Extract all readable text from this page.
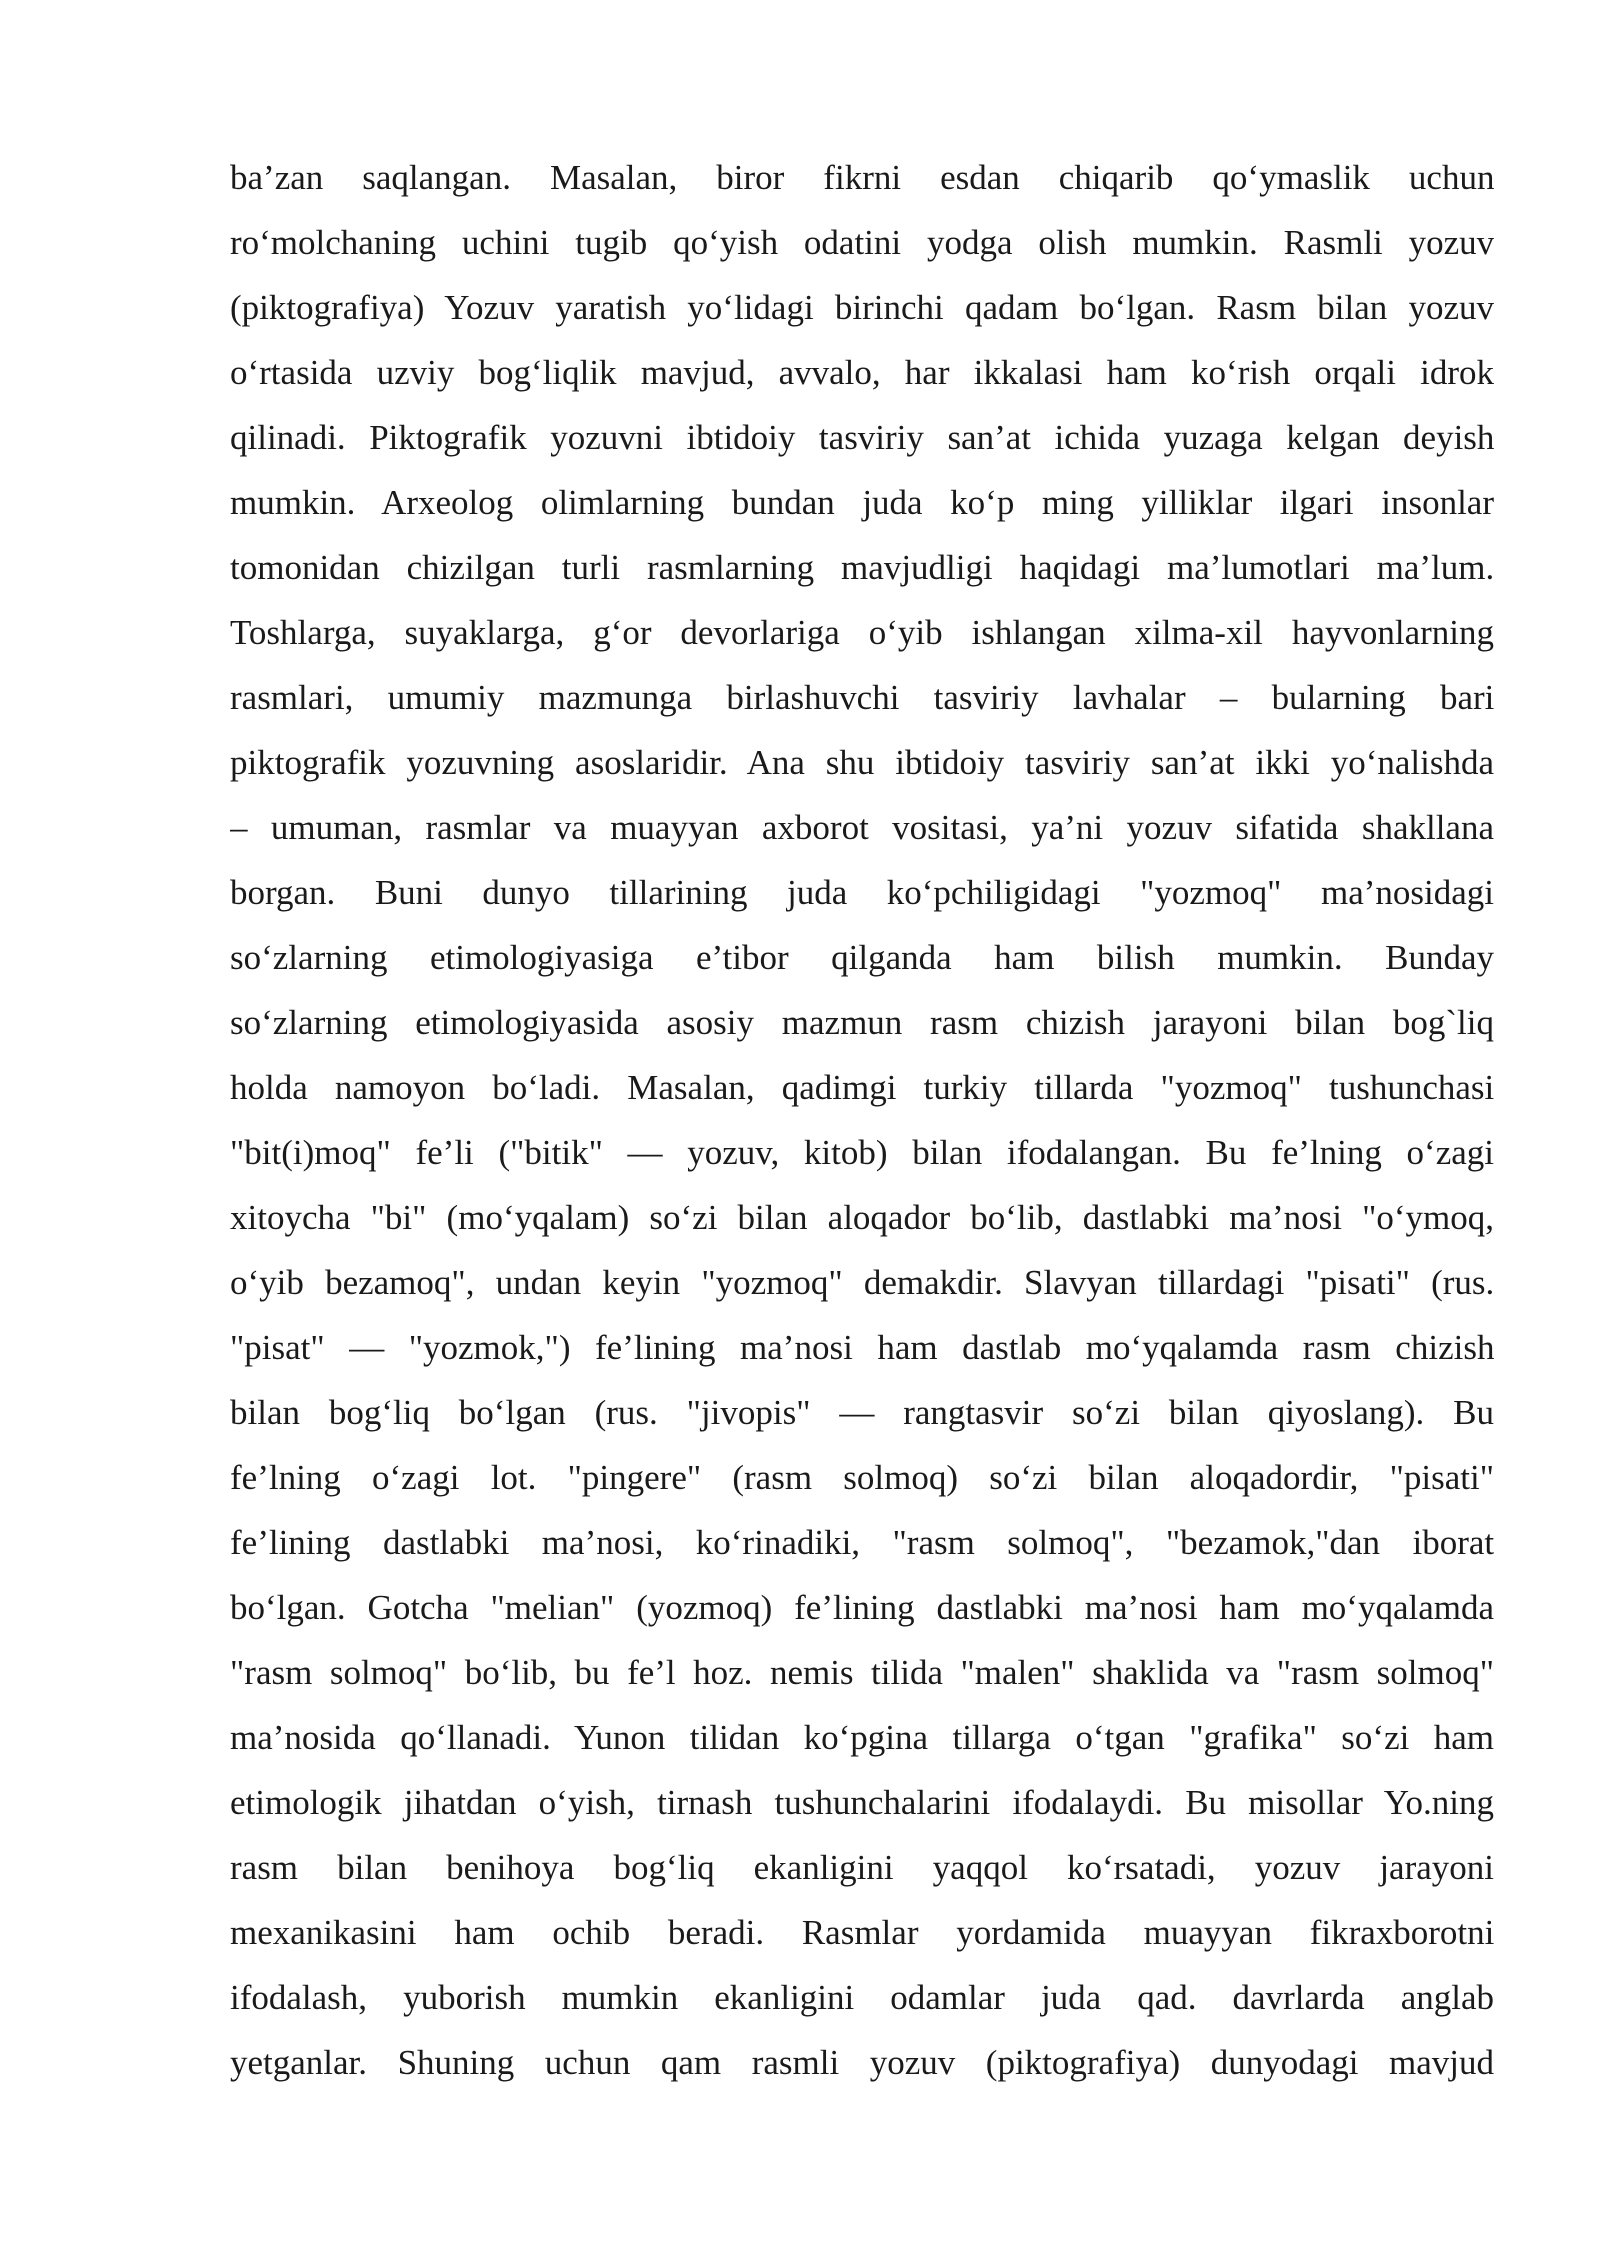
ba’zan saqlangan. Masalan, biror fikrni esdan chiqarib qo‘ymaslik uchun
ro‘molchaning uchini tugib qo‘yish odatini yodga olish mumkin. Rasmli yozuv
(piktografiya) Yozuv yaratish yo‘lidagi birinchi qadam bo‘lgan. Rasm bilan yozuv
o‘rtasida uzviy bog‘liqlik mavjud, avvalo, har ikkalasi ham ko‘rish orqali idrok
qilinadi. Piktografik yozuvni ibtidoiy tasviriy san’at ichida yuzaga kelgan deyish
mumkin. Arxeolog olimlarning bundan juda ko‘p ming yilliklar ilgari insonlar
tomonidan chizilgan turli rasmlarning mavjudligi haqidagi ma’lumotlari ma’lum.
Toshlarga, suyaklarga, g‘or devorlariga o‘yib ishlangan xilma-xil hayvonlarning
rasmlari, umumiy mazmunga birlashuvchi tasviriy lavhalar – bularning bari
piktografik yozuvning asoslaridir. Ana shu ibtidoiy tasviriy san’at ikki yo‘nalishda
– umuman, rasmlar va muayyan axborot vositasi, ya’ni yozuv sifatida shakllana
borgan. Buni dunyo tillarining juda ko‘pchiligidagi "yozmoq" ma’nosidagi
so‘zlarning etimologiyasiga e’tibor qilganda ham bilish mumkin. Bunday
so‘zlarning etimologiyasida asosiy mazmun rasm chizish jarayoni bilan bog`liq
holda namoyon bo‘ladi. Masalan, qadimgi turkiy tillarda "yozmoq" tushunchasi
"bit(i)moq" fe’li ("bitik" — yozuv, kitob) bilan ifodalangan. Bu fe’lning o‘zagi
xitoycha "bi" (mo‘yqalam) so‘zi bilan aloqador bo‘lib, dastlabki ma’nosi "o‘ymoq,
o‘yib bezamoq", undan keyin "yozmoq" demakdir. Slavyan tillardagi "pisati" (rus.
"pisat" — "yozmok,") fe’lining ma’nosi ham dastlab mo‘yqalamda rasm chizish
bilan bog‘liq bo‘lgan (rus. "jivopis" — rangtasvir so‘zi bilan qiyoslang). Bu
fe’lning o‘zagi lot. "pingere" (rasm solmoq) so‘zi bilan aloqadordir, "pisati"
fe’lining dastlabki ma’nosi, ko‘rinadiki, "rasm solmoq", "bezamok,"dan iborat
bo‘lgan. Gotcha "melian" (yozmoq) fe’lining dastlabki ma’nosi ham mo‘yqalamda
"rasm solmoq" bo‘lib, bu fe’l hoz. nemis tilida "malen" shaklida va "rasm solmoq"
ma’nosida qo‘llanadi. Yunon tilidan ko‘pgina tillarga o‘tgan "grafika" so‘zi ham
etimologik jihatdan o‘yish, tirnash tushunchalarini ifodalaydi. Bu misollar Yo.ning
rasm bilan benihoya bog‘liq ekanligini yaqqol ko‘rsatadi, yozuv jarayoni
mexanikasini ham ochib beradi. Rasmlar yordamida muayyan fikraxborotni
ifodalash, yuborish mumkin ekanligini odamlar juda qad. davrlarda anglab
yetganlar. Shuning uchun qam rasmli yozuv (piktografiya) dunyodagi mavjud
